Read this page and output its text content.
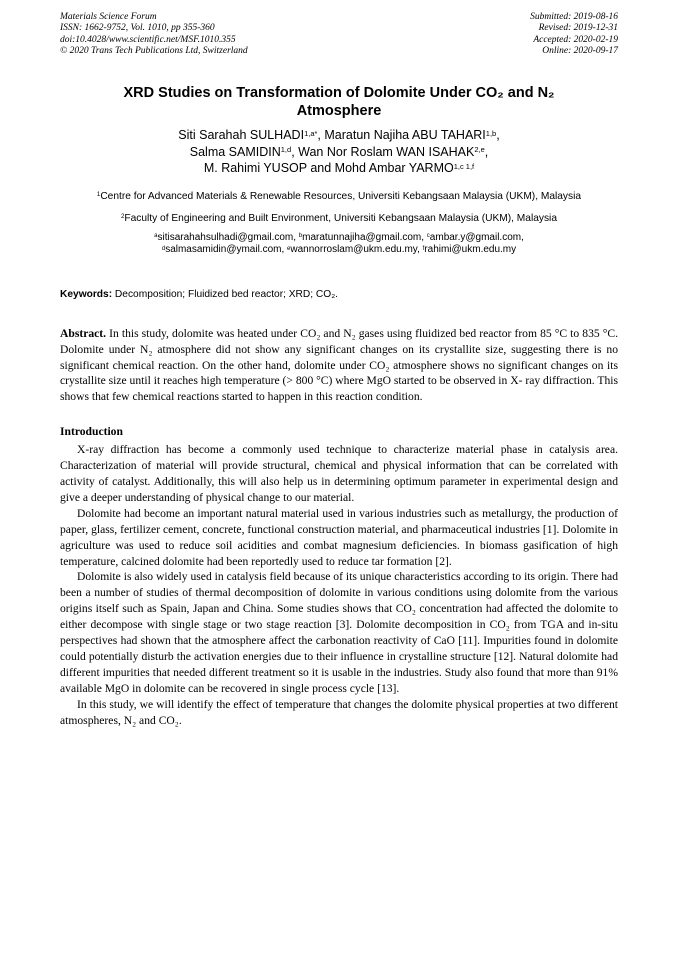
Materials Science Forum
ISSN: 1662-9752, Vol. 1010, pp 355-360
doi:10.4028/www.scientific.net/MSF.1010.355
© 2020 Trans Tech Publications Ltd, Switzerland
Submitted: 2019-08-16
Revised: 2019-12-31
Accepted: 2020-02-19
Online: 2020-09-17
XRD Studies on Transformation of Dolomite Under CO₂ and N₂
Atmosphere
Siti Sarahah $SULHADI^{1,a*}$, Maratun Najiha ABU TAHARI$^{1,b}$,
Salma SAMIDIN$^{1,d}$, Wan Nor Roslam WAN ISAHAK$^{2,e}$,
M. Rahimi YUSOP and Mohd Ambar $YARMO^{1,c 1,f}$
$^1$Centre for Advanced Materials & Renewable Resources, Universiti Kebangsaan Malaysia (UKM), Malaysia
$^2$Faculty of Engineering and Built Environment, Universiti Kebangsaan Malaysia (UKM), Malaysia
$^a$sitisarahahsulhadi@gmail.com, $^b$maratunnajiha@gmail.com, $^c$ambar.y@gmail.com,
$^d$salmasamidin@ymail.com, $^e$wannorroslam@ukm.edu.my, $^f$rahimi@ukm.edu.my
Keywords: Decomposition; Fluidized bed reactor; XRD; CO₂.

Abstract. In this study, dolomite was heated under CO₂ and N₂ gases using fluidized bed reactor from 85 °C to 835 °C. Dolomite under N₂ atmosphere did not show any significant changes on its crystallite size, suggesting there is no significant chemical reaction. On the other hand, dolomite under CO₂ atmosphere shows no significant changes on its crystallite size until it reaches high temperature (> 800 °C) where MgO started to be observed in X- ray diffraction. This shows that few chemical reactions started to happen in this reaction condition.

Introduction

X-ray diffraction has become a commonly used technique to characterize material phase in catalysis area. Characterization of material will provide structural, chemical and physical information that can be correlated with activity of catalyst. Additionally, this will also help us in determining optimum parameter in experimental design and give a deeper understanding of physical change to our material.

Dolomite had become an important natural material used in various industries such as metallurgy, the production of paper, glass, fertilizer cement, concrete, functional construction material, and pharmaceutical industries [1]. Dolomite in agriculture was used to reduce soil acidities and combat magnesium deficiencies. In biomass gasification of high temperature, calcined dolomite had been reportedly used to reduce tar formation [2].

Dolomite is also widely used in catalysis field because of its unique characteristics according to its origin. There had been a number of studies of thermal decomposition of dolomite in various conditions using dolomite from the various origins itself such as Spain, Japan and China. Some studies shows that CO₂ concentration had affected the dolomite to either decompose with single stage or two stage reaction [3]. Dolomite decomposition in CO₂ from TGA and in-situ perspectives had shown that the atmosphere affect the carbonation reactivity of CaO [11]. Impurities found in dolomite could potentially disturb the activation energies due to their influence in crystalline structure [12]. Natural dolomite had different impurities that needed different treatment so it is usable in the industries. Study also found that more than 91% available MgO in dolomite can be recovered in single process cycle [13].

In this study, we will identify the effect of temperature that changes the dolomite physical properties at two different atmospheres, N₂ and CO₂.
